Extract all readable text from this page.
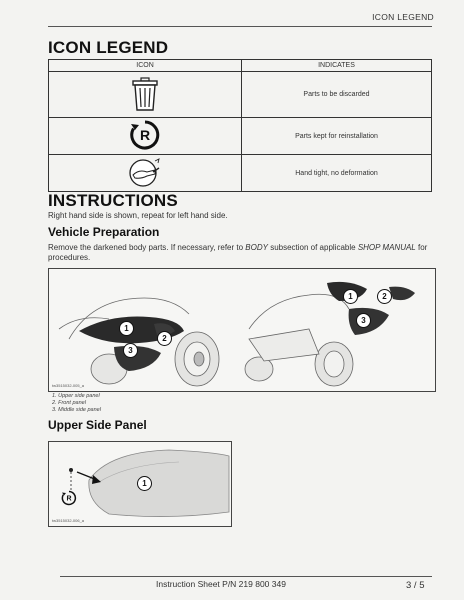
ICON LEGEND
ICON LEGEND
ICON	INDICATES
	Parts to be discarded

R	Parts kept for reinstallation
	Hand tight, no deformation
INSTRUCTIONS
Right hand side is shown, repeat for left hand side.
Vehicle Preparation
Remove the darkened body parts. If necessary, refer to BODY subsection of applicable SHOP MANUAL for procedures.
1
2
3
1	2
3
tw3515032-005_a
1. Upper side panel
2. Front panel
3. Middle side panel
Upper Side Panel
1
R
tw3515032-006_a
Instruction Sheet P/N 219 800 349	3 / 5
